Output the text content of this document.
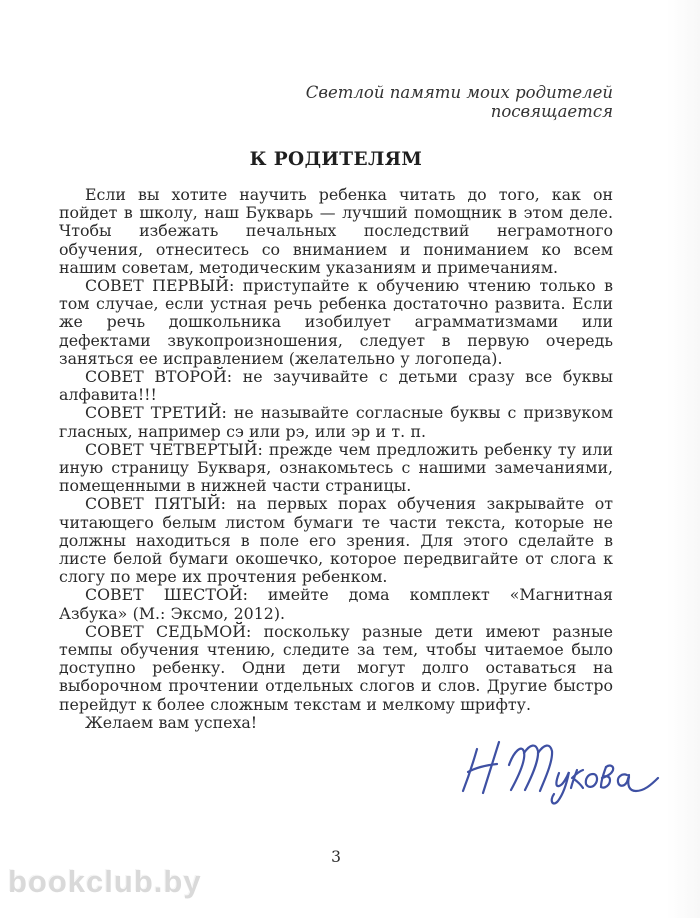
Светлой памяти моих родителей
посвящается
К РОДИТЕЛЯМ

Если вы хотите научить ребенка читать до того, как он пойдет в школу, наш Букварь — лучший помощник в этом деле. Чтобы избежать печальных последствий неграмотного обучения, отнеситесь со вниманием и пониманием ко всем нашим советам, методическим указаниям и примечаниям.

СОВЕТ ПЕРВЫЙ: приступайте к обучению чтению только в том случае, если устная речь ребенка достаточно развита. Если же речь дошкольника изобилует аграмматизмами или дефектами звукопроизношения, следует в первую очередь заняться ее исправлением (желательно у логопеда).

СОВЕТ ВТОРОЙ: не заучивайте с детьми сразу все буквы алфавита!!!

СОВЕТ ТРЕТИЙ: не называйте согласные буквы с призвуком гласных, например сэ или рэ, или эр и т. п.

СОВЕТ ЧЕТВЕРТЫЙ: прежде чем предложить ребенку ту или иную страницу Букваря, ознакомьтесь с нашими замечаниями, помещенными в нижней части страницы.

СОВЕТ ПЯТЫЙ: на первых порах обучения закрывайте от читающего белым листом бумаги те части текста, которые не должны находиться в поле его зрения. Для этого сделайте в листе белой бумаги окошечко, которое передвигайте от слога к слогу по мере их прочтения ребенком.

СОВЕТ ШЕСТОЙ: имейте дома комплект «Магнитная Азбука» (М.: Эксмо, 2012).

СОВЕТ СЕДЬМОЙ: поскольку разные дети имеют разные темпы обучения чтению, следите за тем, чтобы читаемое было доступно ребенку. Одни дети могут долго оставаться на выборочном прочтении отдельных слогов и слов. Другие быстро перейдут к более сложным текстам и мелкому шрифту.

Желаем вам успеха!

3
bookclub.by
